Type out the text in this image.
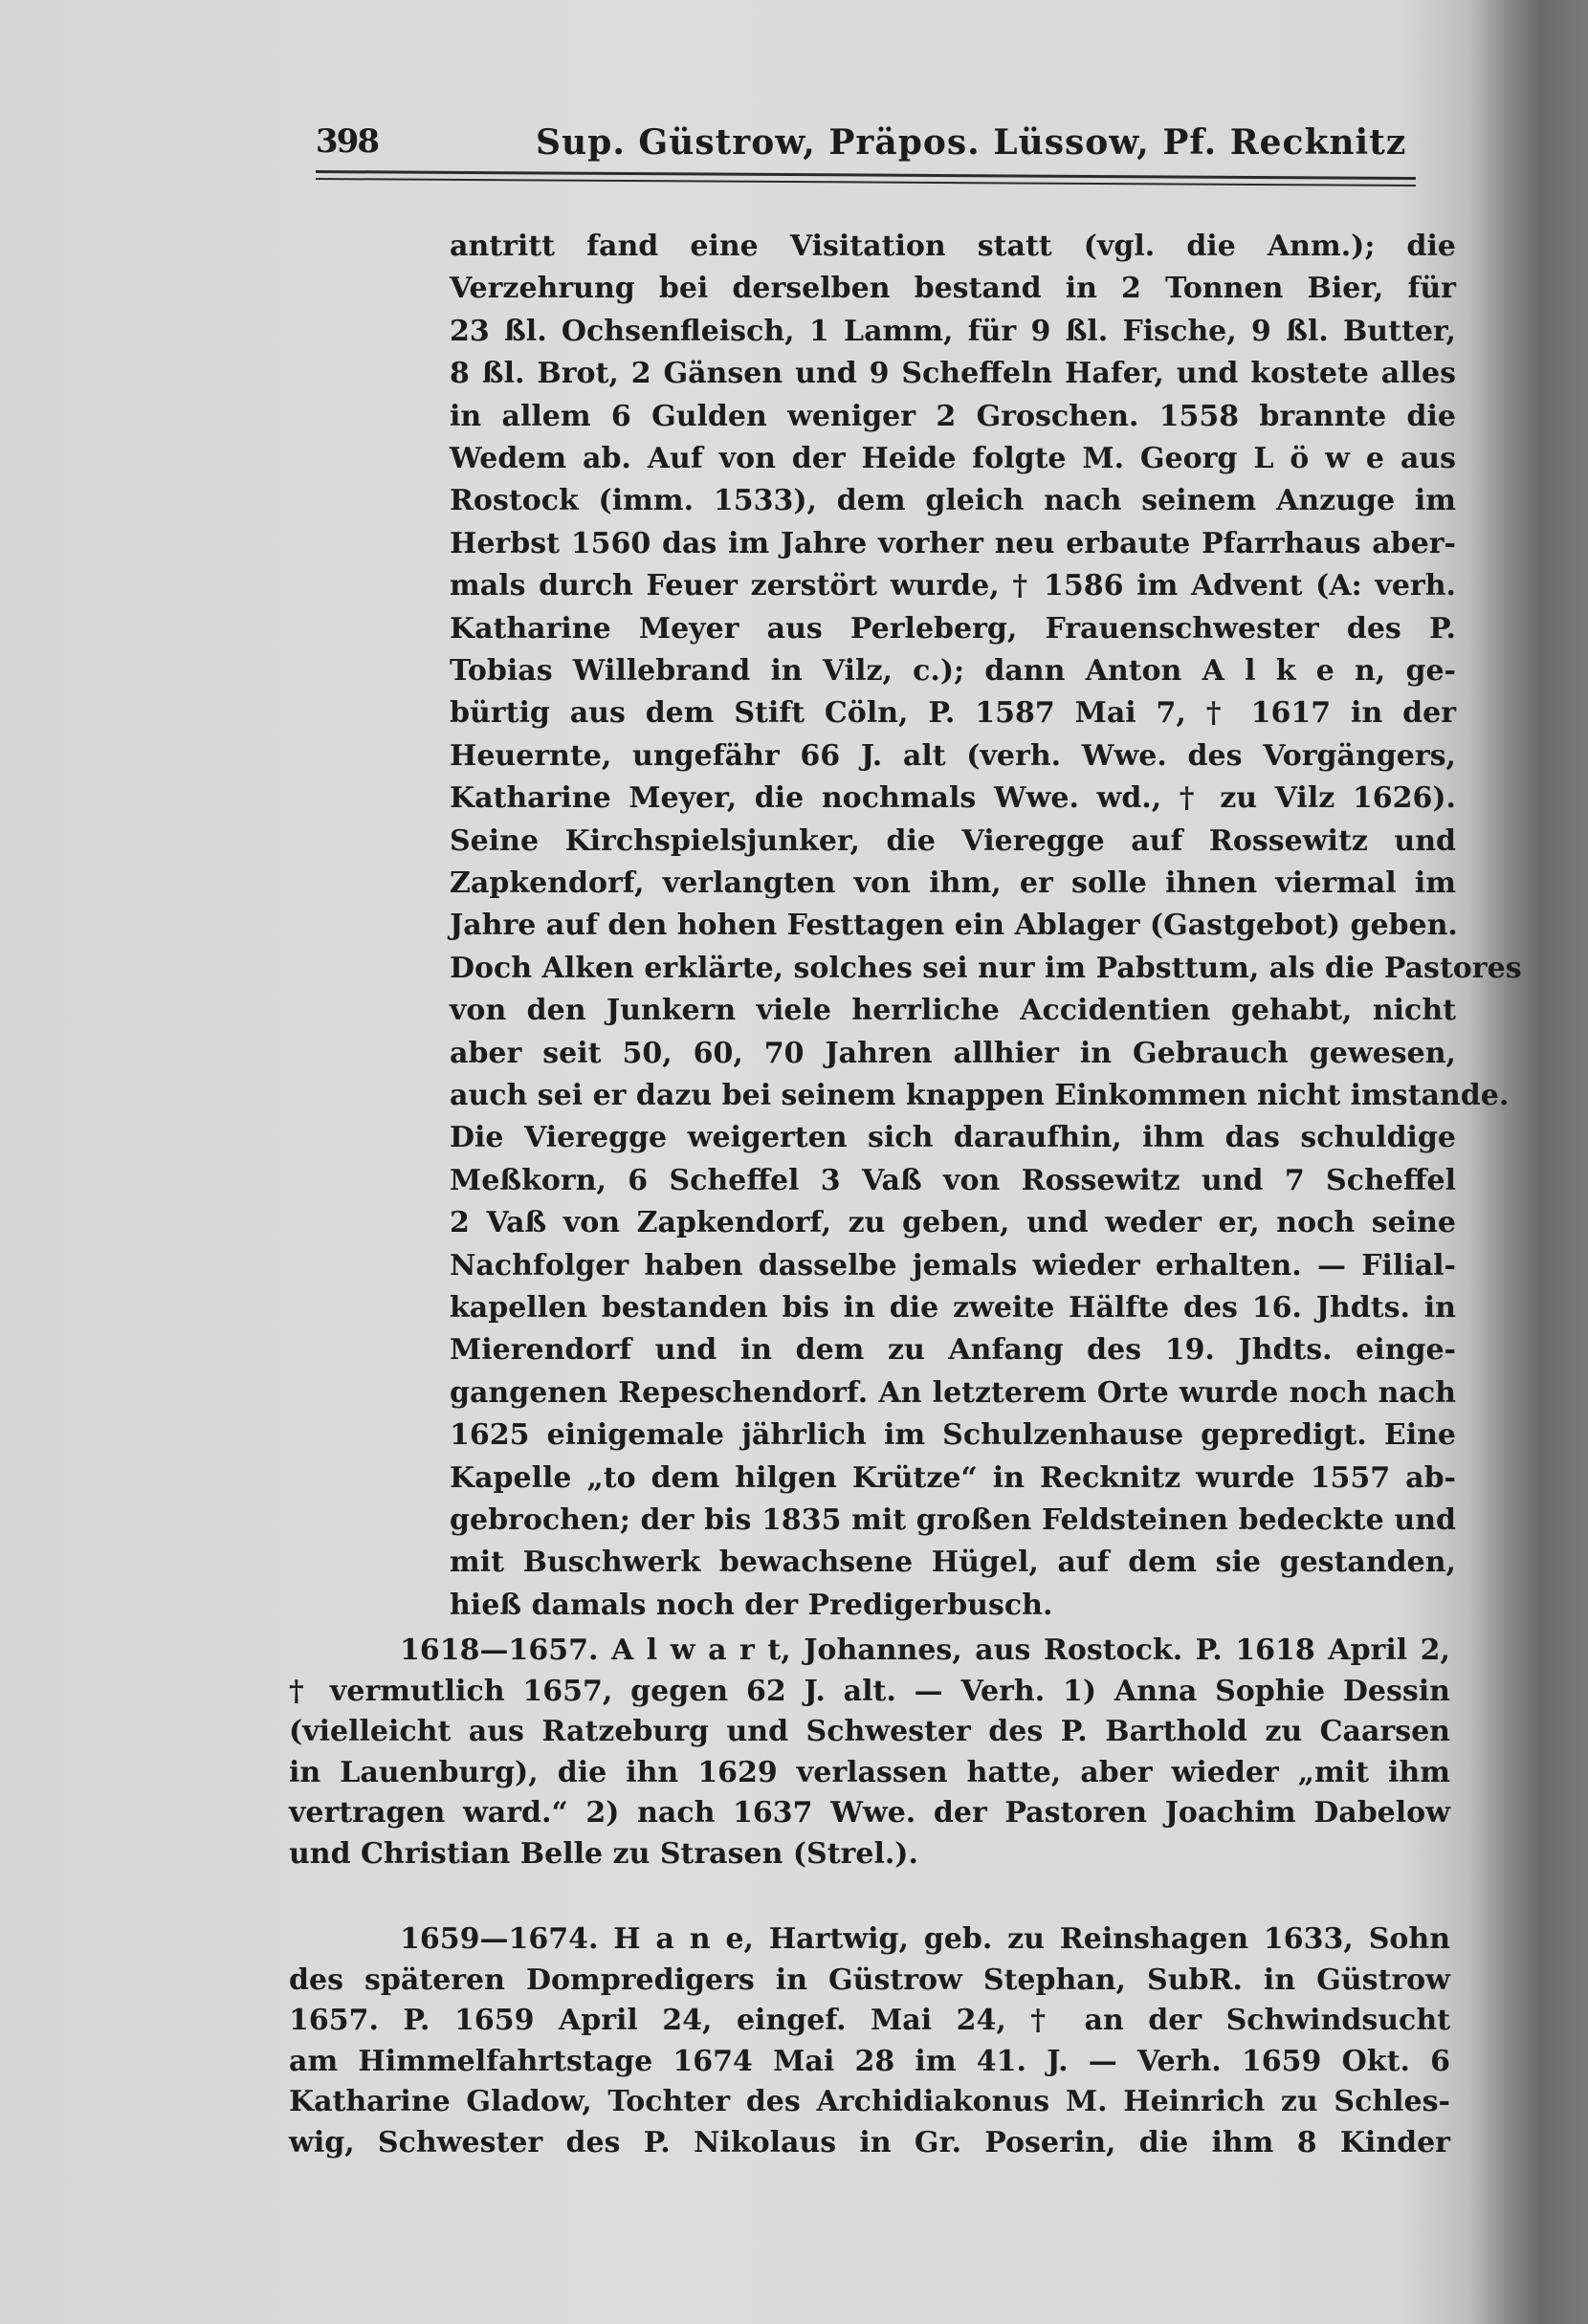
398	Sup. Güstrow, Präpos. Lüssow, Pf. Recknitz
antritt fand eine Visitation statt (vgl. die Anm.); die
Verzehrung bei derselben bestand in 2 Tonnen Bier, für
23 ßl. Ochsenfleisch, 1 Lamm, für 9 ßl. Fische, 9 ßl. Butter,
8 ßl. Brot, 2 Gänsen und 9 Scheffeln Hafer, und kostete alles
in allem 6 Gulden weniger 2 Groschen. 1558 brannte die
Wedem ab. Auf von der Heide folgte M. Georg L ö w e aus
Rostock (imm. 1533), dem gleich nach seinem Anzuge im
Herbst 1560 das im Jahre vorher neu erbaute Pfarrhaus aber-
mals durch Feuer zerstört wurde, † 1586 im Advent (A: verh.
Katharine Meyer aus Perleberg, Frauenschwester des P.
Tobias Willebrand in Vilz, c.); dann Anton A l k e n, ge-
bürtig aus dem Stift Cöln, P. 1587 Mai 7, † 1617 in der
Heuernte, ungefähr 66 J. alt (verh. Wwe. des Vorgängers,
Katharine Meyer, die nochmals Wwe. wd., † zu Vilz 1626).
Seine Kirchspielsjunker, die Vieregge auf Rossewitz und
Zapkendorf, verlangten von ihm, er solle ihnen viermal im
Jahre auf den hohen Festtagen ein Ablager (Gastgebot) geben.
Doch Alken erklärte, solches sei nur im Pabsttum, als die Pastores
von den Junkern viele herrliche Accidentien gehabt, nicht
aber seit 50, 60, 70 Jahren allhier in Gebrauch gewesen,
auch sei er dazu bei seinem knappen Einkommen nicht imstande.
Die Vieregge weigerten sich daraufhin, ihm das schuldige
Meßkorn, 6 Scheffel 3 Vaß von Rossewitz und 7 Scheffel
2 Vaß von Zapkendorf, zu geben, und weder er, noch seine
Nachfolger haben dasselbe jemals wieder erhalten. — Filial-
kapellen bestanden bis in die zweite Hälfte des 16. Jhdts. in
Mierendorf und in dem zu Anfang des 19. Jhdts. einge-
gangenen Repeschendorf. An letzterem Orte wurde noch nach
1625 einigemale jährlich im Schulzenhause gepredigt. Eine
Kapelle „to dem hilgen Krütze“ in Recknitz wurde 1557 ab-
gebrochen; der bis 1835 mit großen Feldsteinen bedeckte und
mit Buschwerk bewachsene Hügel, auf dem sie gestanden,
hieß damals noch der Predigerbusch.
1618—1657. A l w a r t, Johannes, aus Rostock. P. 1618 April 2,
† vermutlich 1657, gegen 62 J. alt. — Verh. 1) Anna Sophie Dessin
(vielleicht aus Ratzeburg und Schwester des P. Barthold zu Caarsen
in Lauenburg), die ihn 1629 verlassen hatte, aber wieder „mit ihm
vertragen ward.“ 2) nach 1637 Wwe. der Pastoren Joachim Dabelow
und Christian Belle zu Strasen (Strel.).
1659—1674. H a n e, Hartwig, geb. zu Reinshagen 1633, Sohn
des späteren Dompredigers in Güstrow Stephan, SubR. in Güstrow
1657. P. 1659 April 24, eingef. Mai 24, † an der Schwindsucht
am Himmelfahrtstage 1674 Mai 28 im 41. J. — Verh. 1659 Okt. 6
Katharine Gladow, Tochter des Archidiakonus M. Heinrich zu Schles-
wig, Schwester des P. Nikolaus in Gr. Poserin, die ihm 8 Kinder
